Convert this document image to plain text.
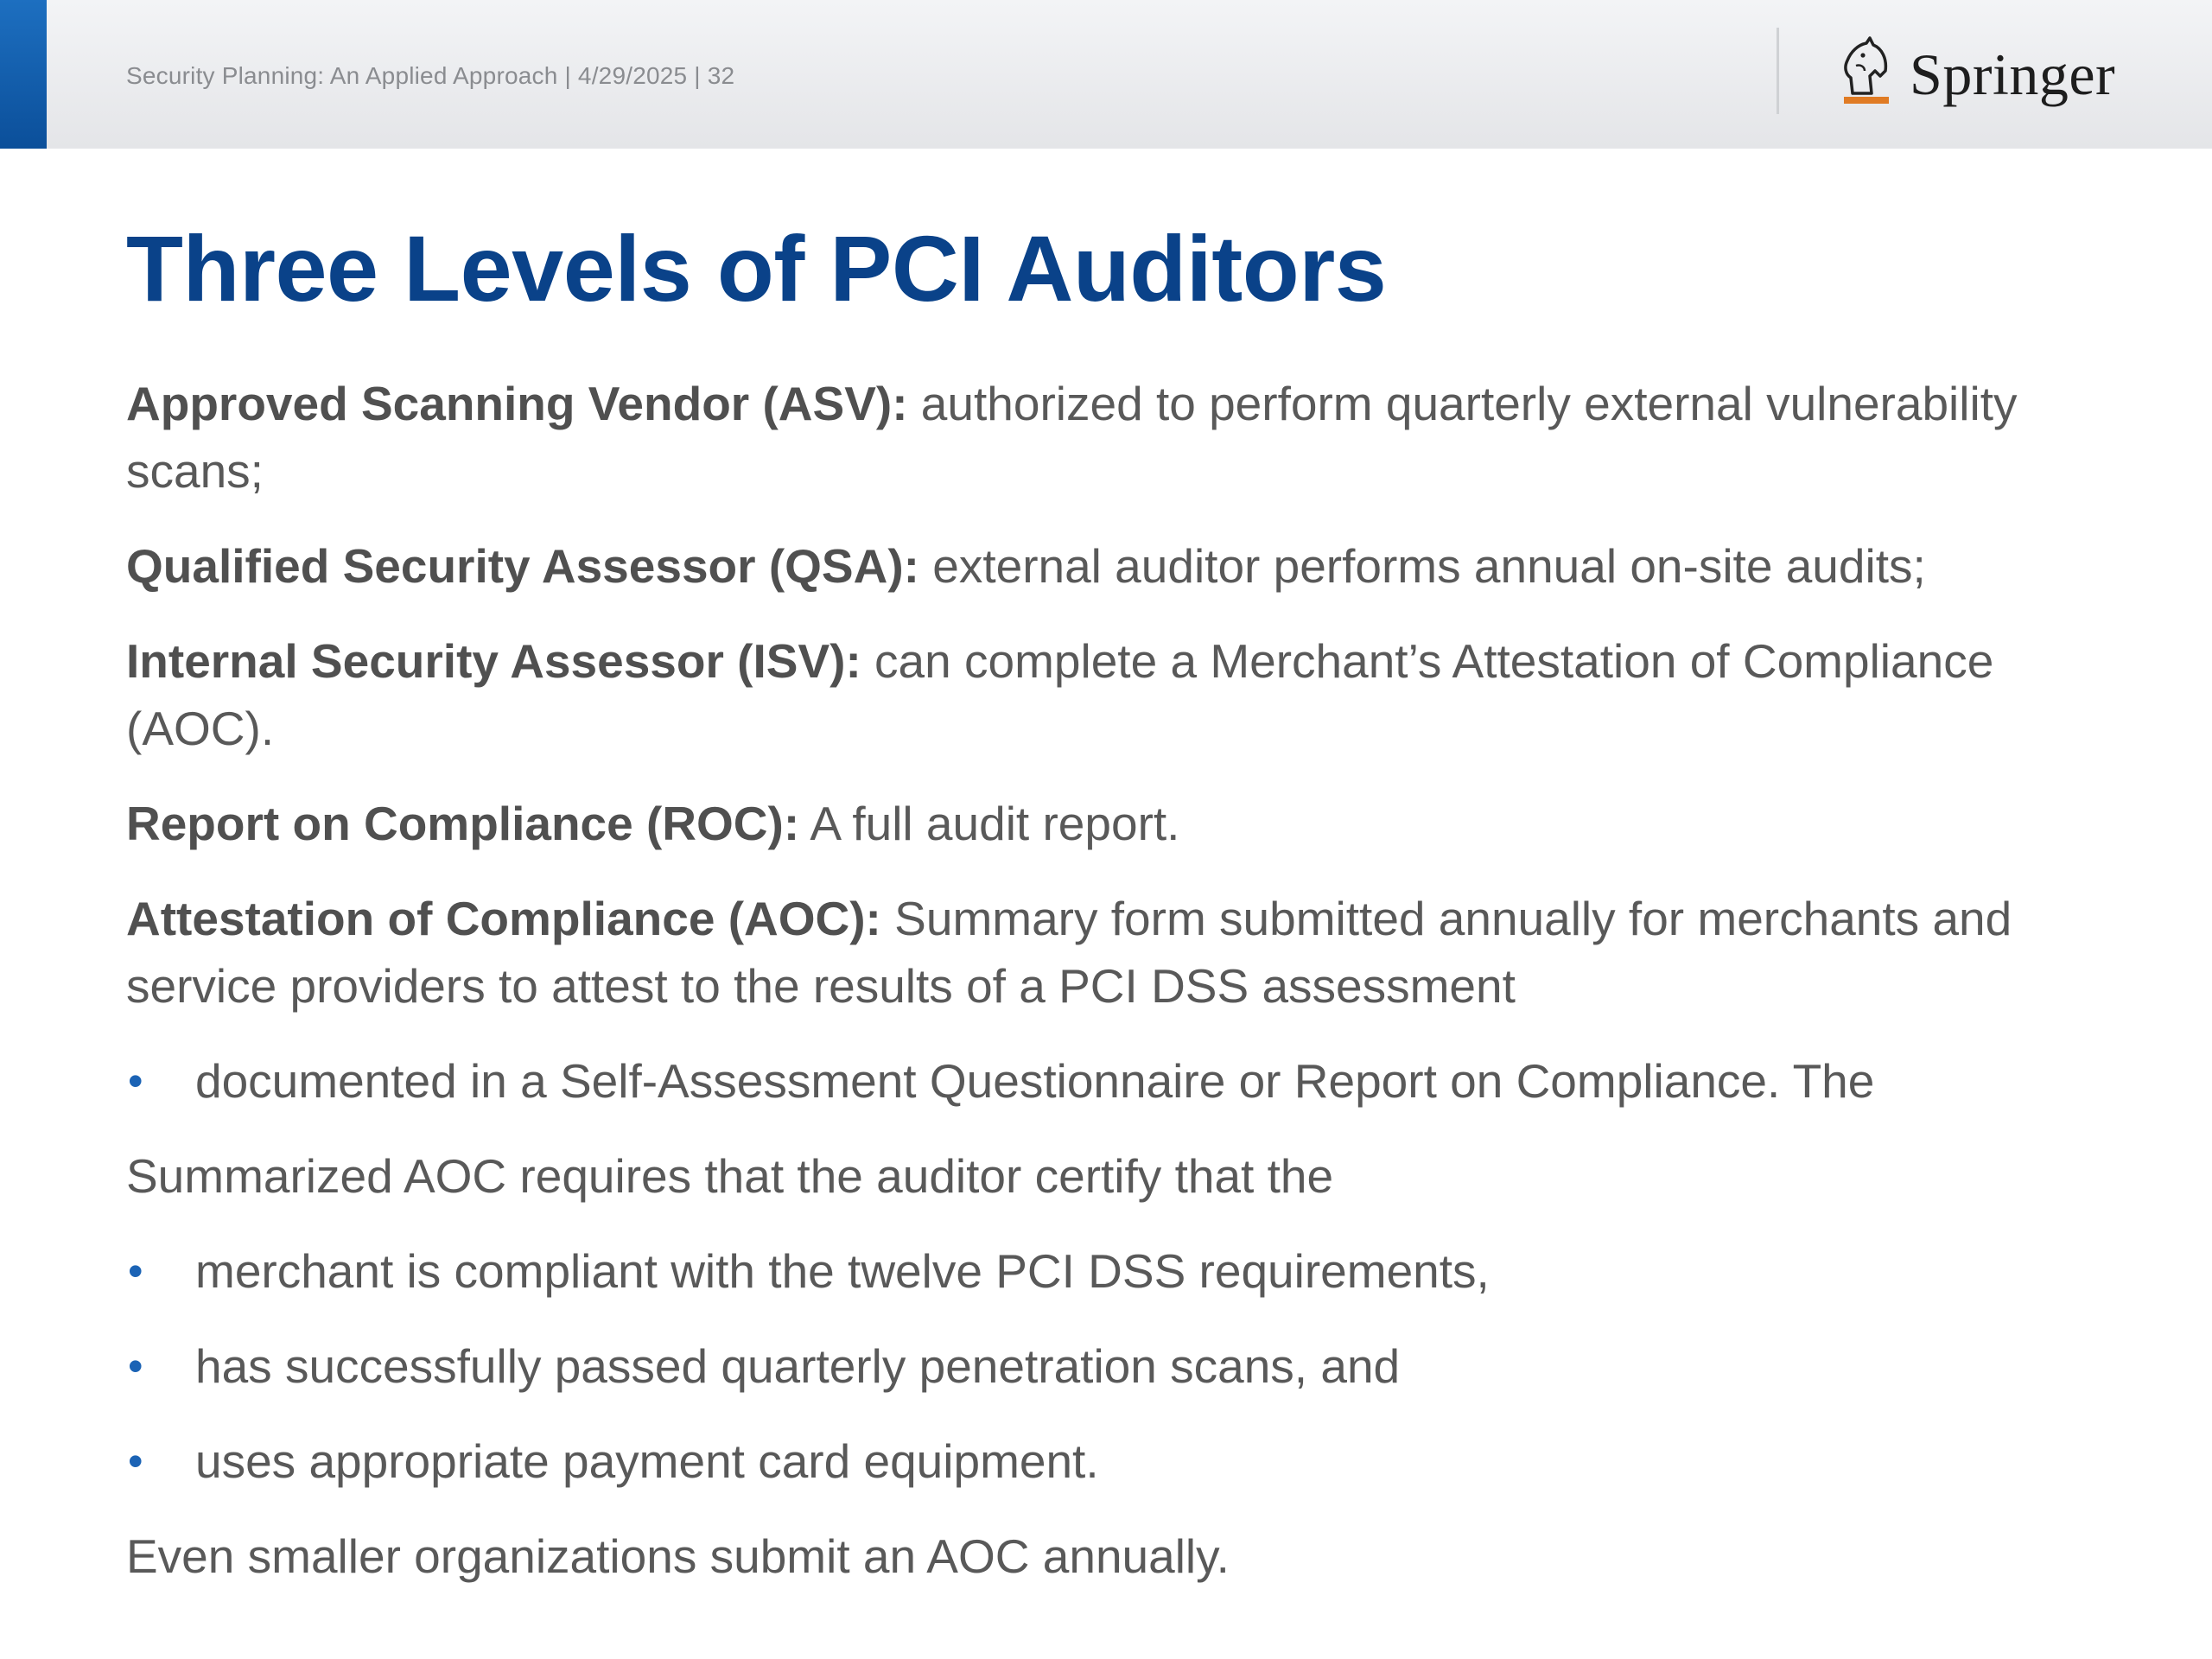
Security Planning: An Applied Approach | 4/29/2025 | 32	Springer
Three Levels of PCI Auditors

Approved Scanning Vendor (ASV): authorized to perform quarterly external vulnerability scans;

Qualified Security Assessor (QSA): external auditor performs annual on-site audits;

Internal Security Assessor (ISV): can complete a Merchant’s Attestation of Compliance (AOC).

Report on Compliance (ROC): A full audit report.

Attestation of Compliance (AOC): Summary form submitted annually for merchants and service providers to attest to the results of a PCI DSS assessment

• documented in a Self-Assessment Questionnaire or Report on Compliance. The

Summarized AOC requires that the auditor certify that the

• merchant is compliant with the twelve PCI DSS requirements,

• has successfully passed quarterly penetration scans, and

• uses appropriate payment card equipment.

Even smaller organizations submit an AOC annually.
